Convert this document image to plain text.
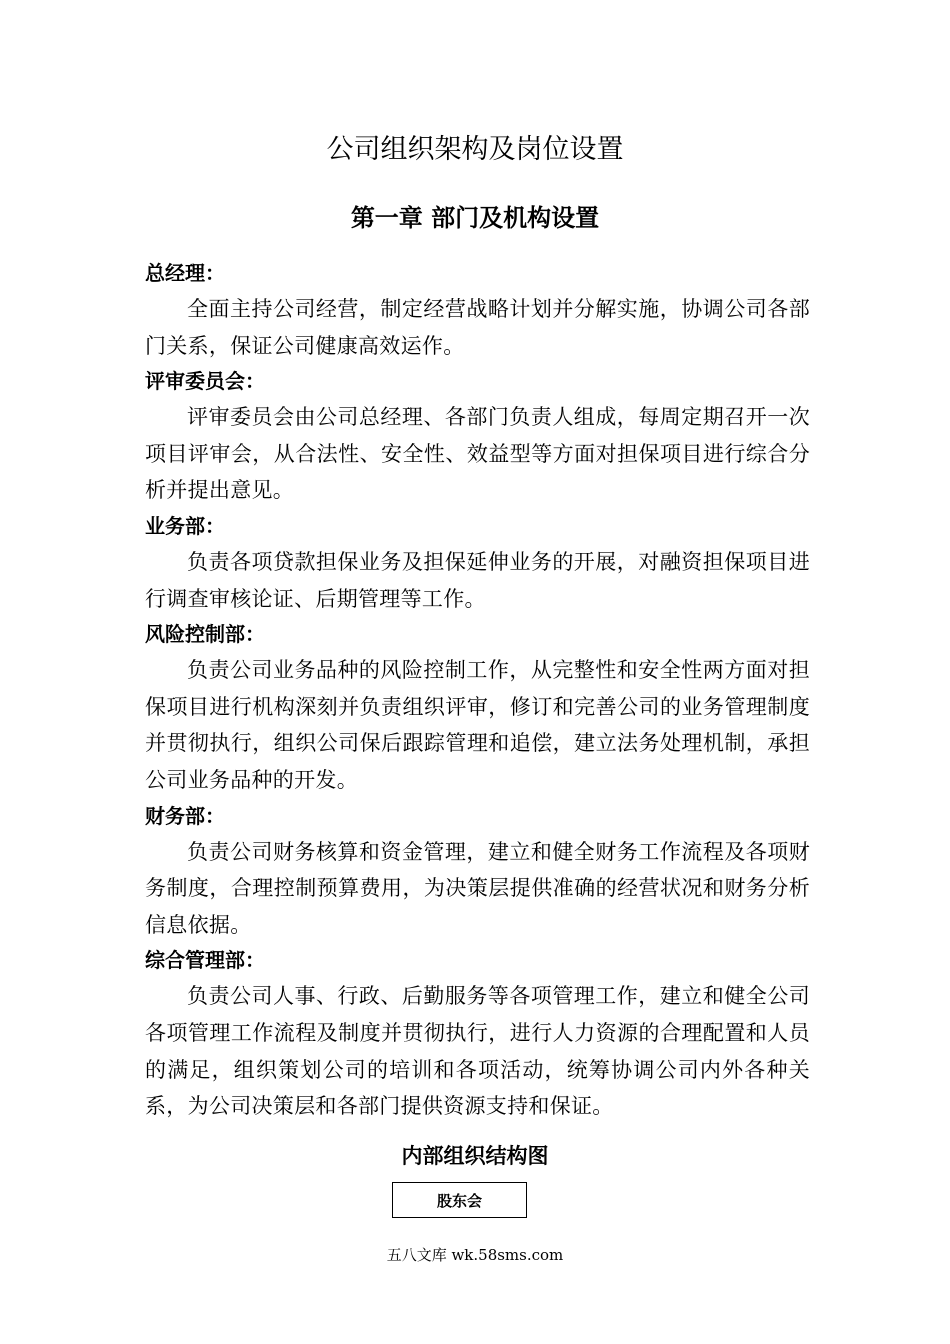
公司组织架构及岗位设置
第一章 部门及机构设置

总经理：

全面主持公司经营，制定经营战略计划并分解实施，协调公司各部门关系，保证公司健康高效运作。

评审委员会：

评审委员会由公司总经理、各部门负责人组成，每周定期召开一次项目评审会，从合法性、安全性、效益型等方面对担保项目进行综合分析并提出意见。

业务部：

负责各项贷款担保业务及担保延伸业务的开展，对融资担保项目进行调查审核论证、后期管理等工作。

风险控制部：

负责公司业务品种的风险控制工作，从完整性和安全性两方面对担保项目进行机构深刻并负责组织评审，修订和完善公司的业务管理制度并贯彻执行，组织公司保后跟踪管理和追偿，建立法务处理机制，承担公司业务品种的开发。

财务部：

负责公司财务核算和资金管理，建立和健全财务工作流程及各项财务制度，合理控制预算费用，为决策层提供准确的经营状况和财务分析信息依据。

综合管理部：

负责公司人事、行政、后勤服务等各项管理工作，建立和健全公司各项管理工作流程及制度并贯彻执行，进行人力资源的合理配置和人员的满足，组织策划公司的培训和各项活动，统筹协调公司内外各种关系，为公司决策层和各部门提供资源支持和保证。

内部组织结构图

股东会
五八文库 wk.58sms.com
